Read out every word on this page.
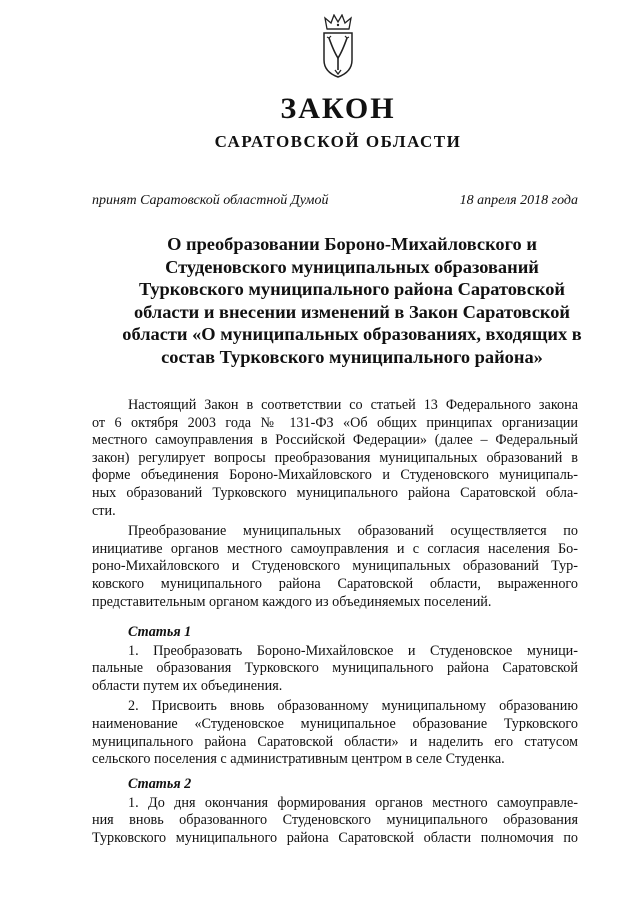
ЗАКОН
САРАТОВСКОЙ ОБЛАСТИ
принят Саратовской областной Думой	18 апреля 2018 года
О преобразовании Бороно-Михайловского и
Студеновского муниципальных образований
Турковского муниципального района Саратовской
области и внесении изменений в Закон Саратовской
области «О муниципальных образованиях, входящих в
состав Турковского муниципального района»

Настоящий Закон в соответствии со статьей 13 Федерального закона
от 6 октября 2003 года № 131-ФЗ «Об общих принципах организации
местного самоуправления в Российской Федерации» (далее – Федеральный
закон) регулирует вопросы преобразования муниципальных образований в
форме объединения Бороно-Михайловского и Студеновского муниципаль-
ных образований Турковского муниципального района Саратовской обла-
сти.

Преобразование муниципальных образований осуществляется по
инициативе органов местного самоуправления и с согласия населения Бо-
роно-Михайловского и Студеновского муниципальных образований Тур-
ковского муниципального района Саратовской области, выраженного
представительным органом каждого из объединяемых поселений.

Статья 1

1. Преобразовать Бороно-Михайловское и Студеновское муници-
пальные образования Турковского муниципального района Саратовской
области путем их объединения.

2. Присвоить вновь образованному муниципальному образованию
наименование «Студеновское муниципальное образование Турковского
муниципального района Саратовской области» и наделить его статусом
сельского поселения с административным центром в селе Студенка.

Статья 2

1. До дня окончания формирования органов местного самоуправле-
ния вновь образованного Студеновского муниципального образования
Турковского муниципального района Саратовской области полномочия по
